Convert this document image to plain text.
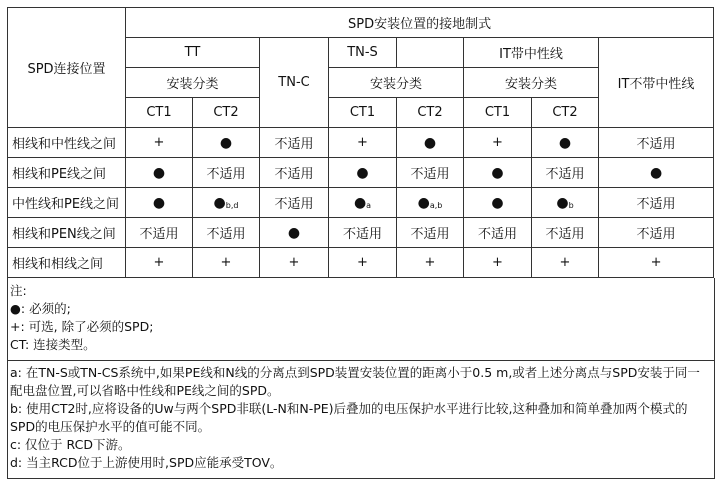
SPD连接位置	SPD安装位置的接地制式							
	TT		TN-C	TN-S		IT带中性线		IT不带中性线
	安装分类			安装分类		安装分类		
	CT1	CT2		CT1	CT2	CT1	CT2	
相线和中性线之间	+	●	不适用	+	●	+	●	不适用
相线和PE线之间	●	不适用	不适用	●	不适用	●	不适用	●
中性线和PE线之间	●	$●_{b,d}$	不适用	$●_a$	$●_{a,b}$	●	$●_b$	不适用
相线和PEN线之间	不适用	不适用	●	不适用	不适用	不适用	不适用	不适用
相线和相线之间	+	+	+	+	+	+	+	+

注:

●: 必须的;

+: 可选, 除了必须的SPD;

CT: 连接类型。

a: 在TN-S或TN-CS系统中,如果PE线和N线的分离点到SPD装置安装位置的距离小于0.5 m,或者上述分离点与SPD安装于同一配电盘位置,可以省略中性线和PE线之间的SPD。

b: 使用CT2时,应将设备的Uw与两个SPD非联(L-N和N-PE)后叠加的电压保护水平进行比较,这种叠加和简单叠加两个模式的SPD的电压保护水平的值可能不同。

c: 仅位于 RCD下游。

d: 当主RCD位于上游使用时,SPD应能承受TOV。
